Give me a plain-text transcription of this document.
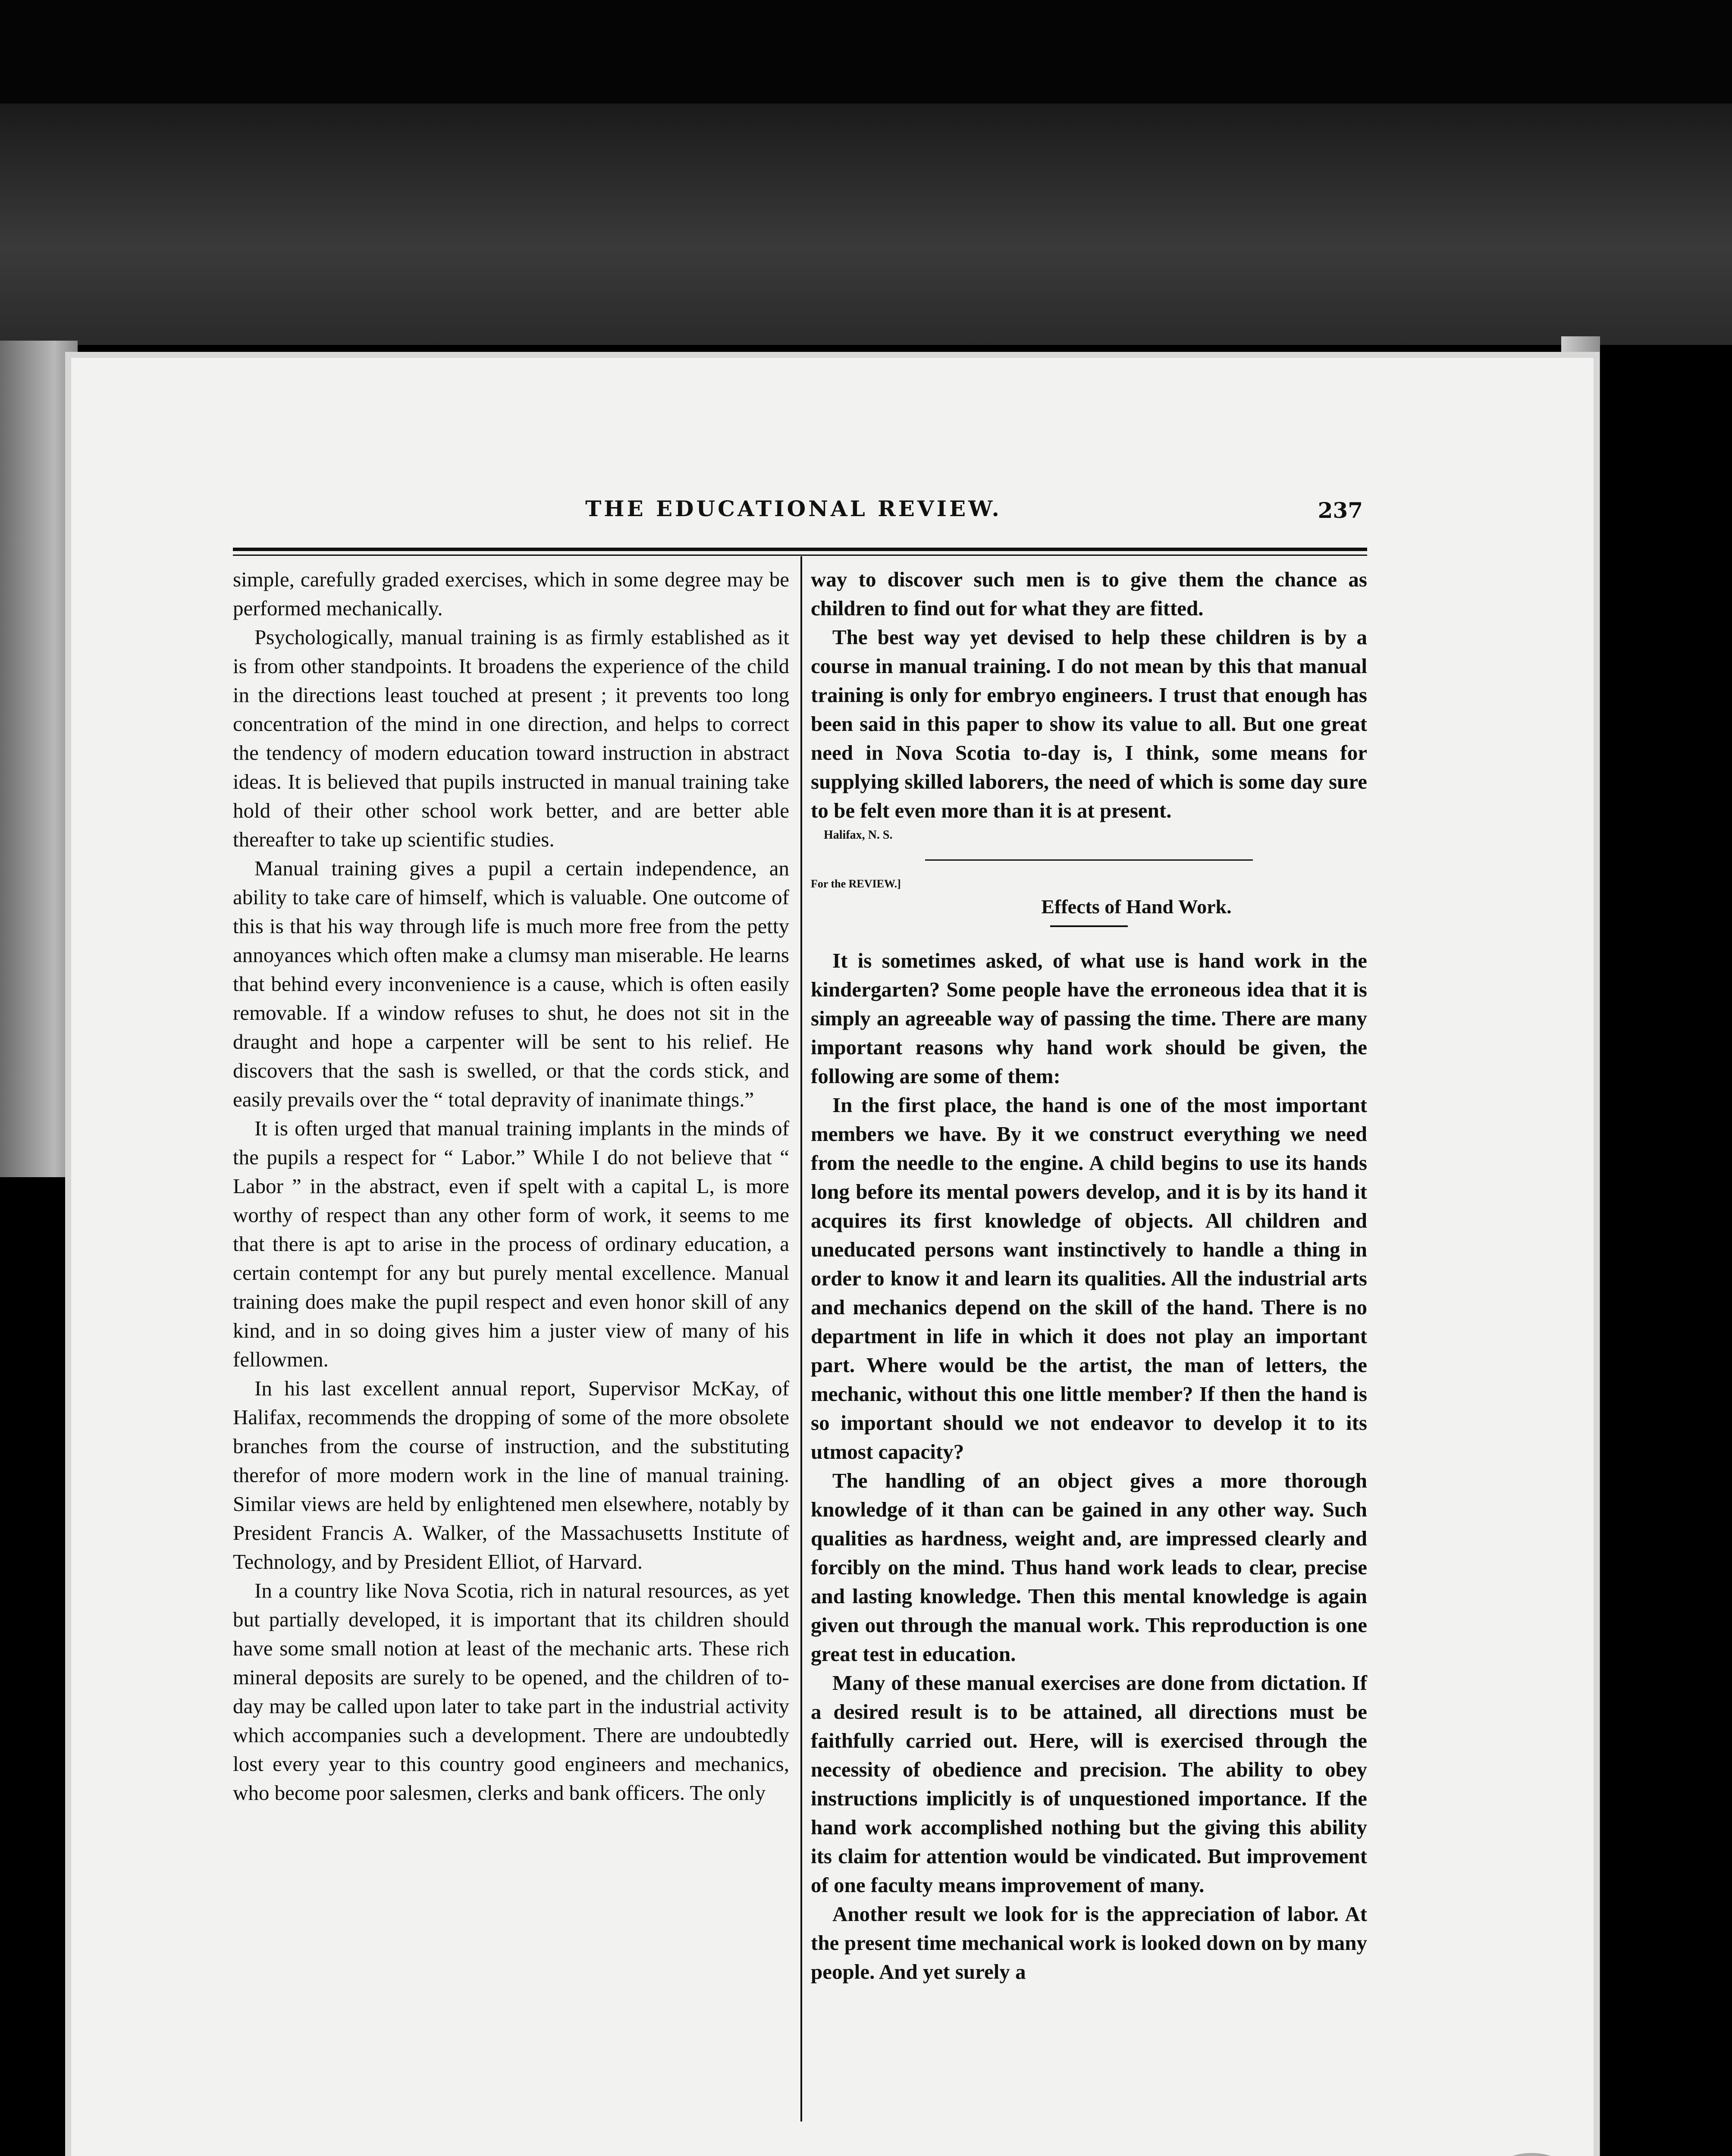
THE EDUCATIONAL REVIEW.	237

simple, carefully graded exercises, which in some degree may be performed mechanically.

Psychologically, manual training is as firmly established as it is from other standpoints. It broadens the experience of the child in the directions least touched at present ; it prevents too long concentration of the mind in one direction, and helps to correct the tendency of modern education toward instruction in abstract ideas. It is believed that pupils instructed in manual training take hold of their other school work better, and are better able thereafter to take up scientific studies.

Manual training gives a pupil a certain independence, an ability to take care of himself, which is valuable. One outcome of this is that his way through life is much more free from the petty annoyances which often make a clumsy man miserable. He learns that behind every inconvenience is a cause, which is often easily removable. If a window refuses to shut, he does not sit in the draught and hope a carpenter will be sent to his relief. He discovers that the sash is swelled, or that the cords stick, and easily prevails over the “ total depravity of inanimate things.”

It is often urged that manual training implants in the minds of the pupils a respect for “ Labor.” While I do not believe that “ Labor ” in the abstract, even if spelt with a capital L, is more worthy of respect than any other form of work, it seems to me that there is apt to arise in the process of ordinary education, a certain contempt for any but purely mental excellence. Manual training does make the pupil respect and even honor skill of any kind, and in so doing gives him a juster view of many of his fellowmen.

In his last excellent annual report, Supervisor McKay, of Halifax, recommends the dropping of some of the more obsolete branches from the course of instruction, and the substituting therefor of more modern work in the line of manual training. Similar views are held by enlightened men elsewhere, notably by President Francis A. Walker, of the Massachusetts Institute of Technology, and by President Elliot, of Harvard.

In a country like Nova Scotia, rich in natural resources, as yet but partially developed, it is important that its children should have some small notion at least of the mechanic arts. These rich mineral deposits are surely to be opened, and the children of to-day may be called upon later to take part in the industrial activity which accompanies such a development. There are undoubtedly lost every year to this country good engineers and mechanics, who become poor salesmen, clerks and bank officers. The only

way to discover such men is to give them the chance as children to find out for what they are fitted.

The best way yet devised to help these children is by a course in manual training. I do not mean by this that manual training is only for embryo engineers. I trust that enough has been said in this paper to show its value to all. But one great need in Nova Scotia to-day is, I think, some means for supplying skilled laborers, the need of which is some day sure to be felt even more than it is at present.

Halifax, N. S.
For the REVIEW.]
Effects of Hand Work.

It is sometimes asked, of what use is hand work in the kindergarten? Some people have the erroneous idea that it is simply an agreeable way of passing the time. There are many important reasons why hand work should be given, the following are some of them:

In the first place, the hand is one of the most important members we have. By it we construct everything we need from the needle to the engine. A child begins to use its hands long before its mental powers develop, and it is by its hand it acquires its first knowledge of objects. All children and uneducated persons want instinctively to handle a thing in order to know it and learn its qualities. All the industrial arts and mechanics depend on the skill of the hand. There is no department in life in which it does not play an important part. Where would be the artist, the man of letters, the mechanic, without this one little member? If then the hand is so important should we not endeavor to develop it to its utmost capacity?

The handling of an object gives a more thorough knowledge of it than can be gained in any other way. Such qualities as hardness, weight and, are impressed clearly and forcibly on the mind. Thus hand work leads to clear, precise and lasting knowledge. Then this mental knowledge is again given out through the manual work. This reproduction is one great test in education.

Many of these manual exercises are done from dictation. If a desired result is to be attained, all directions must be faithfully carried out. Here, will is exercised through the necessity of obedience and precision. The ability to obey instructions implicitly is of unquestioned importance. If the hand work accomplished nothing but the giving this ability its claim for attention would be vindicated. But improvement of one faculty means improvement of many.

Another result we look for is the appreciation of labor. At the present time mechanical work is looked down on by many people. And yet surely a
